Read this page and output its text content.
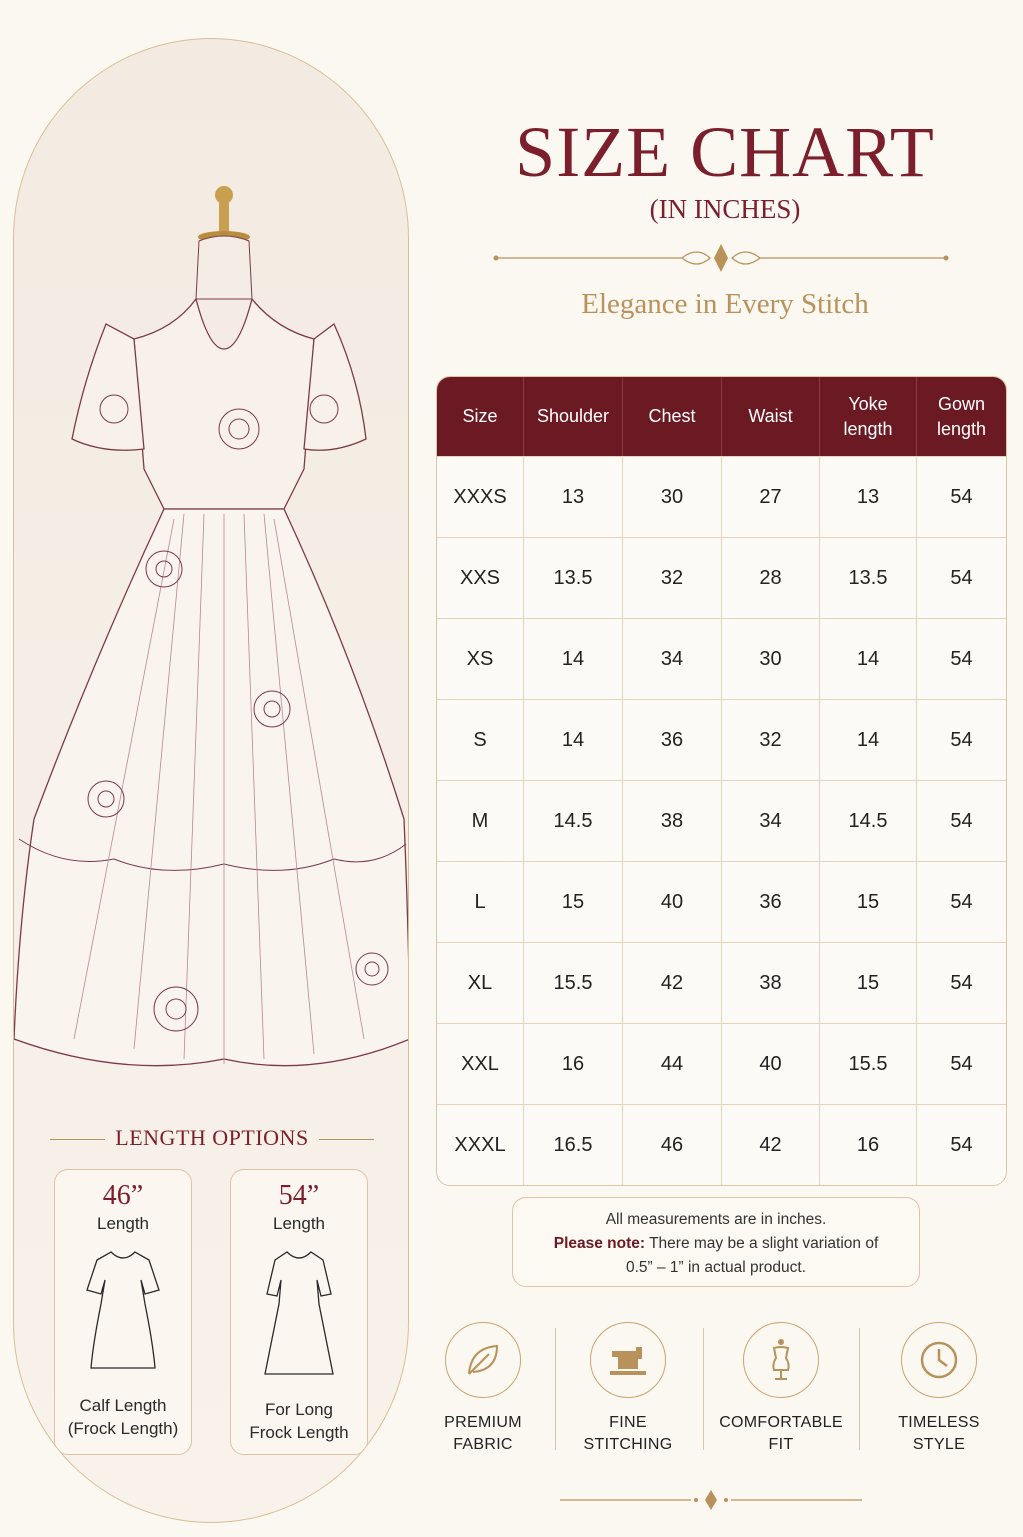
LENGTH OPTIONS
46”
Length
Calf Length
(Frock Length)
54”
Length
For Long
Frock Length
SIZE CHART
(IN INCHES)
Elegance in Every Stitch
Size	Shoulder	Chest	Waist	Yoke length	Gown length
XXXS	13	30	27	13	54
XXS	13.5	32	28	13.5	54
XS	14	34	30	14	54
S	14	36	32	14	54
M	14.5	38	34	14.5	54
L	15	40	36	15	54
XL	15.5	42	38	15	54
XXL	16	44	40	15.5	54
XXXL	16.5	46	42	16	54
All measurements are in inches.
Please note: There may be a slight variation of
0.5” – 1” in actual product.
PREMIUM
FABRIC
FINE
STITCHING
COMFORTABLE
FIT
TIMELESS
STYLE
